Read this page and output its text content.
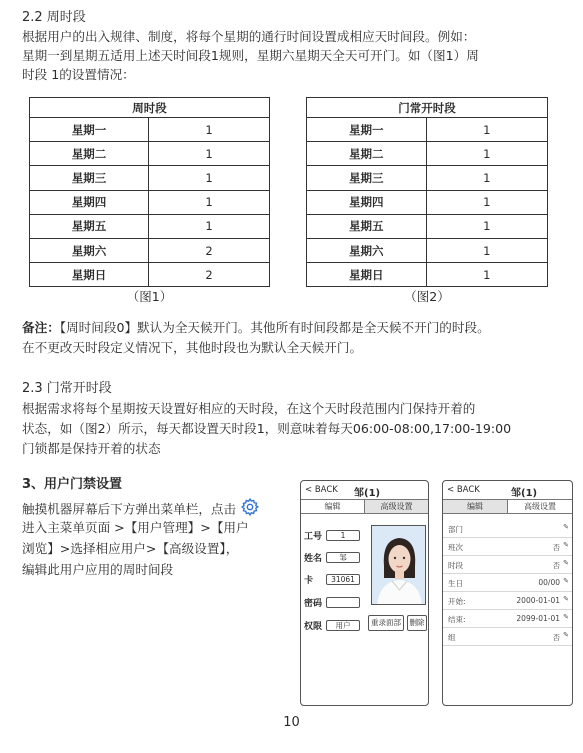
2.2 周时段
根据用户的出入规律、制度，将每个星期的通行时间设置成相应天时间段。例如：
星期一到星期五适用上述天时间段1规则，星期六星期天全天可开门。如（图1）周
时段 1的设置情况：
周时段	
星期一	1
星期二	1
星期三	1
星期四	1
星期五	1
星期六	2
星期日	2
（图1）
门常开时段	
星期一	1
星期二	1
星期三	1
星期四	1
星期五	1
星期六	1
星期日	1
（图2）
备注：【周时间段0】默认为全天候开门。其他所有时间段都是全天候不开门的时段。
在不更改天时段定义情况下，其他时段也为默认全天候开门。
2.3 门常开时段
根据需求将每个星期按天设置好相应的天时段，在这个天时段范围内门保持开着的
状态，如（图2）所示，每天都设置天时段1，则意味着每天06:00-08:00,17:00-19:00
门锁都是保持开着的状态
3、用户门禁设置
触摸机器屏幕后下方弹出菜单栏，点击
进入主菜单页面 >【用户管理】>【用户
浏览】>选择相应用户>【高级设置】，
编辑此用户应用的周时间段
< BACK 邹(1)
编辑	高级设置
工号	1
姓名	邹
卡	31061
密码
权限	用户	重录面部	删除
< BACK	邹(1)
编辑	高级设置
部门	✎
班次	否 ✎
时段	否 ✎
生日	00/00 ✎
开始:	2000-01-01 ✎
结束:	2099-01-01 ✎
组	否 ✎
10
